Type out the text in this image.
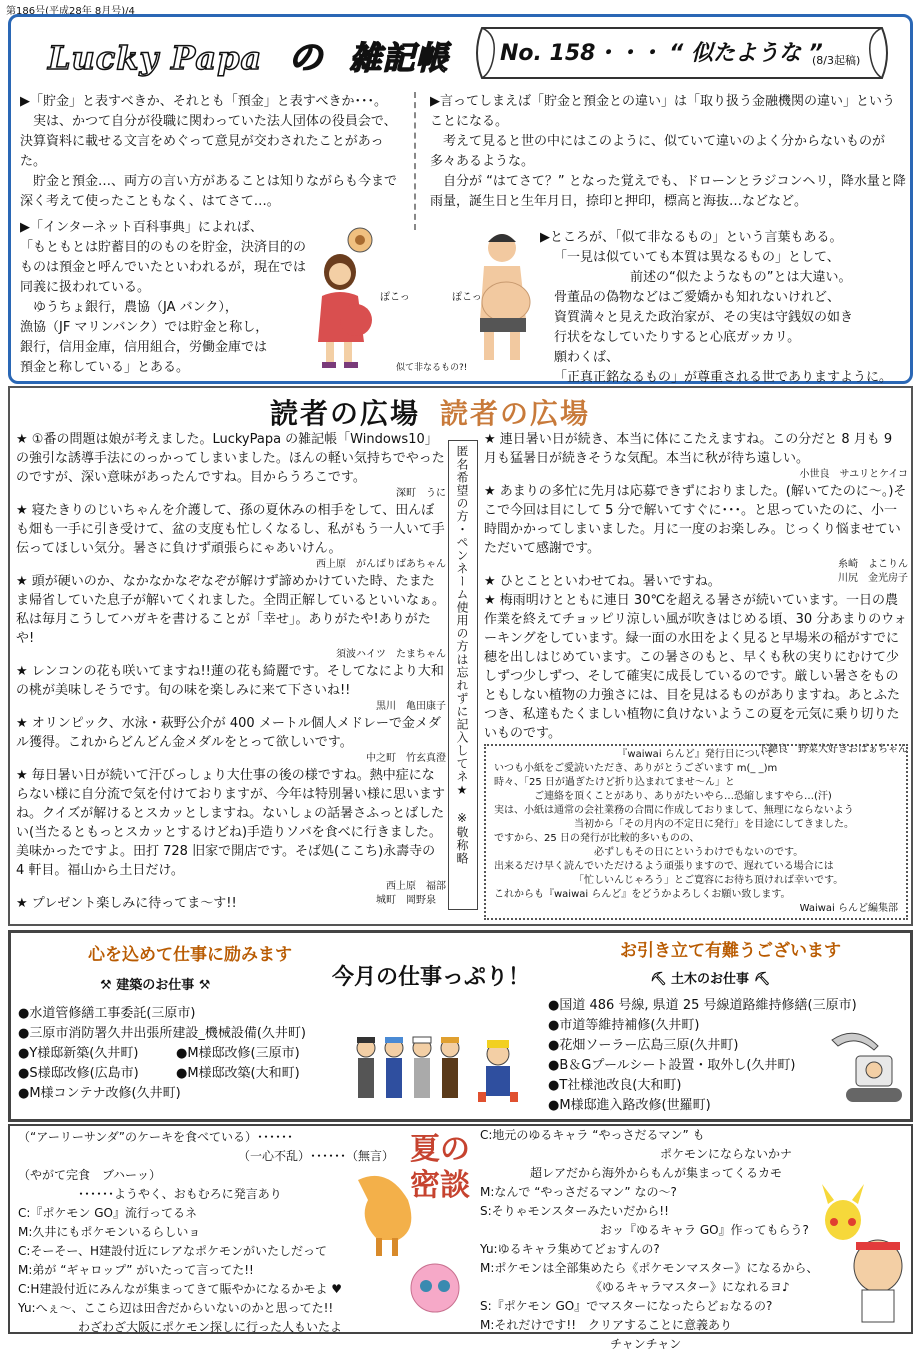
第186号(平成28年 8月号)/4
Lucky Papa の 雑記帳 No. 158・・・ “ 似たような ”
(8/3起稿)
▶「貯金」と表すべきか、それとも「預金」と表すべきか･･･。
　実は、かつて自分が役職に関わっていた法人団体の役員会で、決算資料に載せる文言をめぐって意見が交わされたことがあった。
　貯金と預金…、両方の言い方があることは知りながらも今まで深く考えて使ったこともなく、はてさて…。
▶言ってしまえば「貯金と預金との違い」は「取り扱う金融機関の違い」ということになる。
　考えて見ると世の中にはこのように、似ていて違いのよく分からないものが多々あるような。
　自分が “はてさて？” となった覚えでも、ドローンとラジコンヘリ，降水量と降雨量，誕生日と生年月日，捺印と押印，標高と海抜…などなど。
▶「インターネット百科事典」によれば、
「もともとは貯蓄目的のものを貯金，決済目的のものは預金と呼んでいたといわれるが，現在では同義に扱われている。
　ゆうちょ銀行，農協（JA バンク），
漁協（JF マリンバンク）では貯金と称し，
銀行，信用金庫，信用組合，労働金庫では
預金と称している」とある。
ぽこっ	ぽこっ
似て非なるもの?!
▶ところが、「似て非なるもの」という言葉もある。
「一見は似ていても本質は異なるもの」として、
前述の“似たようなもの”とは大違い。
骨董品の偽物などはご愛嬌かも知れないけれど、
資質満々と見えた政治家が、その実は守銭奴の如き
行状をなしていたりすると心底ガッカリ。
願わくば、
「正真正銘なるもの」が尊重される世でありますように。
読者の広場 読者の広場
★ ①番の問題は娘が考えました。LuckyPapa の雑記帳「Windows10」の強引な誘導手法にのっかってしまいました。ほんの軽い気持ちでやったのですが、深い意味があったんですね。目からうろこです。
深町　うに
★ 寝たきりのじいちゃんを介護して、孫の夏休みの相手をして、田んぼも畑も一手に引き受けて、盆の支度も忙しくなるし、私がもう一人いて手伝ってほしい気分。暑さに負けず頑張らにゃあいけん。
西上原　がんばりばあちゃん
★ 頭が硬いのか、なかなかなぞなぞが解けず諦めかけていた時、たまたま帰省していた息子が解いてくれました。全問正解しているといいなぁ。私は毎月こうしてハガキを書けることが「幸せ」。ありがたや!ありがたや!
須波ハイツ　たまちゃん
★ レンコンの花も咲いてますね!!蓮の花も綺麗です。そしてなにより大和の桃が美味しそうです。旬の味を楽しみに来て下さいね!!
黒川　亀田康子
★ オリンピック、水泳・萩野公介が 400 メートル個人メドレーで金メダル獲得。これからどんどん金メダルをとって欲しいです。
中之町　竹玄真澄
★ 毎日暑い日が続いて汗びっしょり大仕事の後の様ですね。熱中症にならない様に自分流で気を付けておりますが、今年は特別暑い様に思いますね。クイズが解けるとスカッとしますね。ないしょの話暑さふっとばしたい(当たるともっとスカッとするけどね)手造りソバを食べに行きました。美味かったですよ。田打 728 旧家で開店です。そば処(ここち)永壽寺の 4 軒目。福山から土日だけ。
西上原　福部
★ プレゼント楽しみに待ってま～す!!	城町　岡野泉
匿名希望の方・ペンネーム使用の方は忘れずに記入してネ★　※敬称略
★ 連日暑い日が続き、本当に体にこたえますね。この分だと 8 月も 9 月も猛暑日が続きそうな気配。本当に秋が待ち遠しい。
小世良　サユリとケイコ
★ あまりの多忙に先月は応募できずにおりました。(解いてたのに～。)そこで今回は目にして 5 分で解いてすぐに･･･。と思っていたのに、小一時間かかってしまいました。月に一度のお楽しみ。じっくり悩ませていただいて感謝です。
糸崎　よこりん
★ ひとことといわせてね。暑いですね。	川尻　金光房子
★ 梅雨明けとともに連日 30℃を超える暑さが続いています。一日の農作業を終えてチョッピリ涼しい風が吹きはじめる頃、30 分あまりのウォーキングをしています。緑一面の水田をよく見ると早場米の稲がすでに穂を出しはじめています。この暑さのもと、早くも秋の実りにむけて少しずつ少しずつ、そして確実に成長しているのです。厳しい暑さをものともしない植物の力強さには、目を見はるものがありますね。あとふたつき、私達もたくましい植物に負けないようこの夏を元気に乗り切りたいものです。
下徳良　野菜大好きおばぁちゃん
『waiwai らんど』発行日について
いつも小紙をご愛読いただき、ありがとうございます m(_ _)m
時々、「25 日が過ぎたけど折り込まれてませ～ん」と
ご連絡を頂くことがあり、ありがたいやら…恐縮しますやら…(汗)
実は、小紙は通常の会社業務の合間に作成しておりまして、無理にならないよう
当初から「その月内の不定日に発行」を目途にしてきました。
ですから、25 日の発行が比較的多いものの、
必ずしもその日にというわけでもないのです。
出来るだけ早く読んでいただけるよう頑張りますので、遅れている場合には
「忙しいんじゃろう」とご寛容にお待ち頂ければ幸いです。
これからも『waiwai らんど』をどうかよろしくお願い致します。
Waiwai らんど編集部
心を込めて仕事に励みます
⚒ 建築のお仕事 ⚒
●水道管修繕工事委託(三原市)
●三原市消防署久井出張所建設_機械設備(久井町)
●Y様邸新築(久井町)
●S様邸改修(広島市)
●M様コンテナ改修(久井町)
●M様邸改修(三原市)
●M様邸改築(大和町)
今月の仕事っぷり！
お引き立て有難うございます
⛏ 土木のお仕事 ⛏
●国道 486 号線, 県道 25 号線道路維持修繕(三原市)
●市道等維持補修(久井町)
●花畑ソーラー広島三原(久井町)
●B＆Gプールシート設置・取外し(久井町)
●T社様池改良(大和町)
●M様邸進入路改修(世羅町)
（“アーリーサンダ”のケーキを食べている）･･････
（一心不乱）･･････（無言）
（やがて完食　ブハーッ）
･･････ようやく、おもむろに発言あり
C:『ポケモン GO』流行ってるネ
M:久井にもポケモンいるらしいョ
C:そーそー、H建設付近にレアなポケモンがいたしだって
M:弟が “ギャロップ” がいたって言ってた!!
C:H建設付近にみんなが集まってきて賑やかになるかモよ ♥
Yu:へぇ～、ここら辺は田舎だからいないのかと思ってた!!
わざわざ大阪にポケモン探しに行った人もいたよ
夏の密談
C:地元のゆるキャラ “やっさだるマン” も
ポケモンにならないかナ
超レアだから海外からもんが集まってくるカモ
M:なんで “やっさだるマン” なの～?
S:そりゃモンスターみたいだから!!
おッ『ゆるキャラ GO』作ってもらう?
Yu:ゆるキャラ集めてどぉすんの?
M:ポケモンは全部集めたら《ポケモンマスター》になるから、
《ゆるキャラマスター》になれるヨ♪
S:『ポケモン GO』でマスターになったらどぉなるの?
M:それだけです!!　クリアすることに意義あり
チャンチャン
